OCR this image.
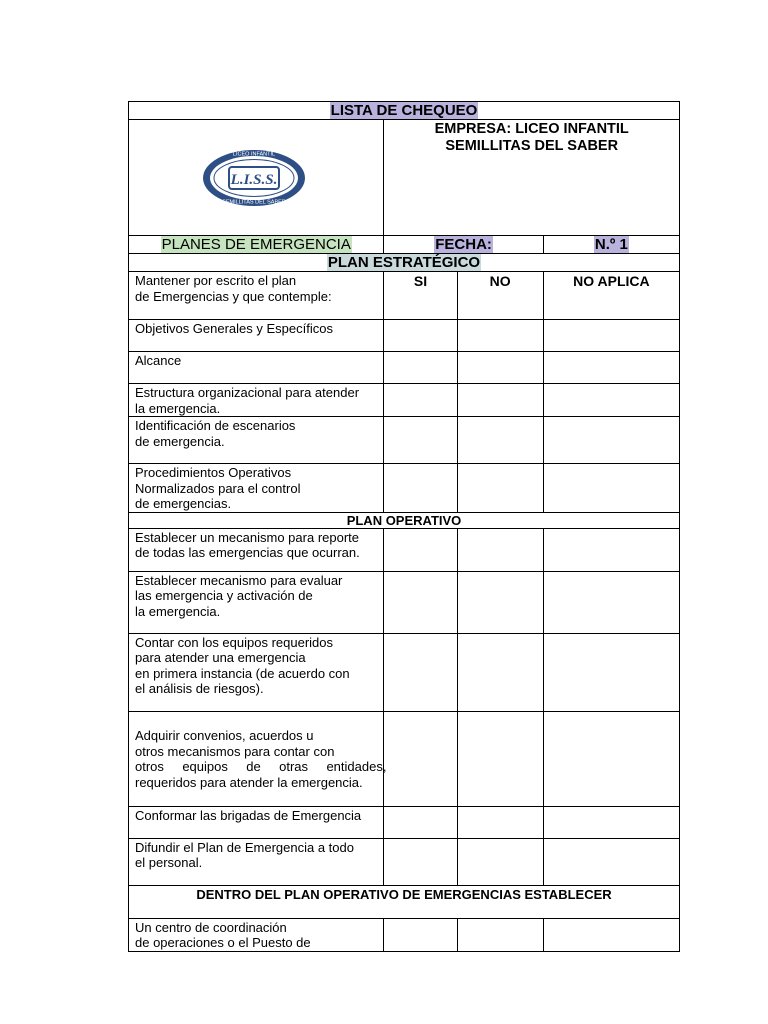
LISTA DE CHEQUEO			

L.I.S.S.
LICEO INFANTIL
SEMILLITAS DEL SABER	EMPRESA: LICEO INFANTIL
SEMILLITAS DEL SABER		

PLANES DE EMERGENCIA	FECHA:		N.º 1
PLAN ESTRATÉGICO			

Mantener por escrito el plan
de Emergencias y que contemple:	SI	NO	NO APLICA

Objetivos Generales y Específicos			

Alcance			

Estructura organizacional para atender
la emergencia.			

Identificación de escenarios
de emergencia.			

Procedimientos Operativos
Normalizados para el control
de emergencias.			

PLAN OPERATIVO			

Establecer un mecanismo para reporte
de todas las emergencias que ocurran.			

Establecer mecanismo para evaluar
las emergencia y activación de
la emergencia.			

Contar con los equipos requeridos
para atender una emergencia
en primera instancia (de acuerdo con
el análisis de riesgos).			

Adquirir convenios, acuerdos u
otros mecanismos para contar con
otros equipos de otras entidades,
requeridos para atender la emergencia.			

Conformar las brigadas de Emergencia			

Difundir el Plan de Emergencia a todo
el personal.			

DENTRO DEL PLAN OPERATIVO DE EMERGENCIAS ESTABLECER			

Un centro de coordinación
de operaciones o el Puesto de			
